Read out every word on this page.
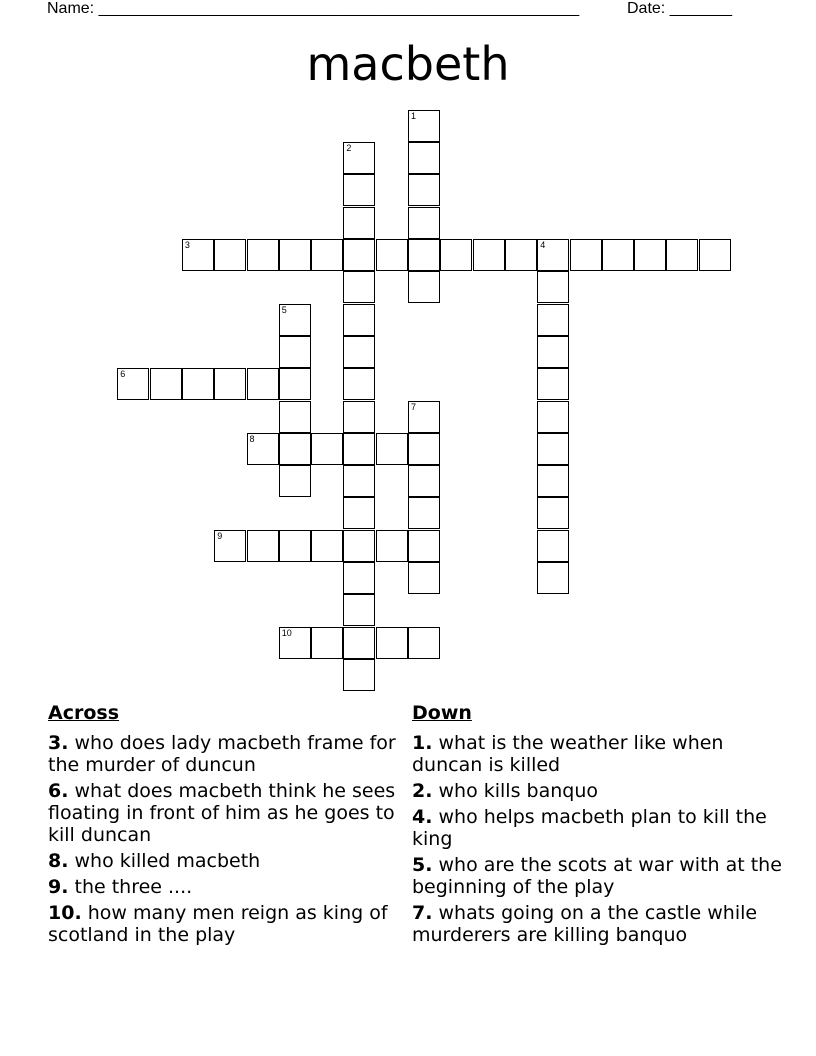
Name: ______________________________________________________	Date: _______
macbeth
3	4
2
1
5
6
7
8
9
10
Across
3. who does lady macbeth frame for the murder of duncun
6. what does macbeth think he sees floating in front of him as he goes to kill duncan
8. who killed macbeth
9. the three ....
10. how many men reign as king of scotland in the play
Down
1. what is the weather like when duncan is killed
2. who kills banquo
4. who helps macbeth plan to kill the king
5. who are the scots at war with at the beginning of the play
7. whats going on a the castle while murderers are killing banquo
